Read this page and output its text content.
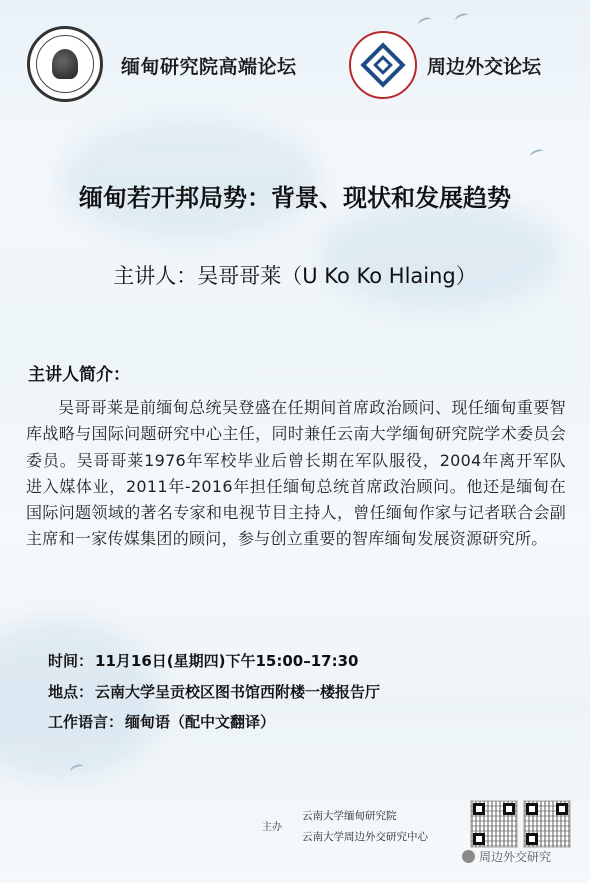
缅甸研究院高端论坛	周边外交论坛
缅甸若开邦局势：背景、现状和发展趋势
主讲人：吴哥哥莱（U Ko Ko Hlaing）
主讲人简介：
吴哥哥莱是前缅甸总统吴登盛在任期间首席政治顾问、现任缅甸重要智库战略与国际问题研究中心主任，同时兼任云南大学缅甸研究院学术委员会委员。吴哥哥莱1976年军校毕业后曾长期在军队服役，2004年离开军队进入媒体业，2011年-2016年担任缅甸总统首席政治顾问。他还是缅甸在国际问题领域的著名专家和电视节目主持人，曾任缅甸作家与记者联合会副主席和一家传媒集团的顾问，参与创立重要的智库缅甸发展资源研究所。
时间： 11月16日(星期四)下午15:00–17:30
地点： 云南大学呈贡校区图书馆西附楼一楼报告厅
工作语言： 缅甸语（配中文翻译）
主办
云南大学缅甸研究院
云南大学周边外交研究中心
周边外交研究
